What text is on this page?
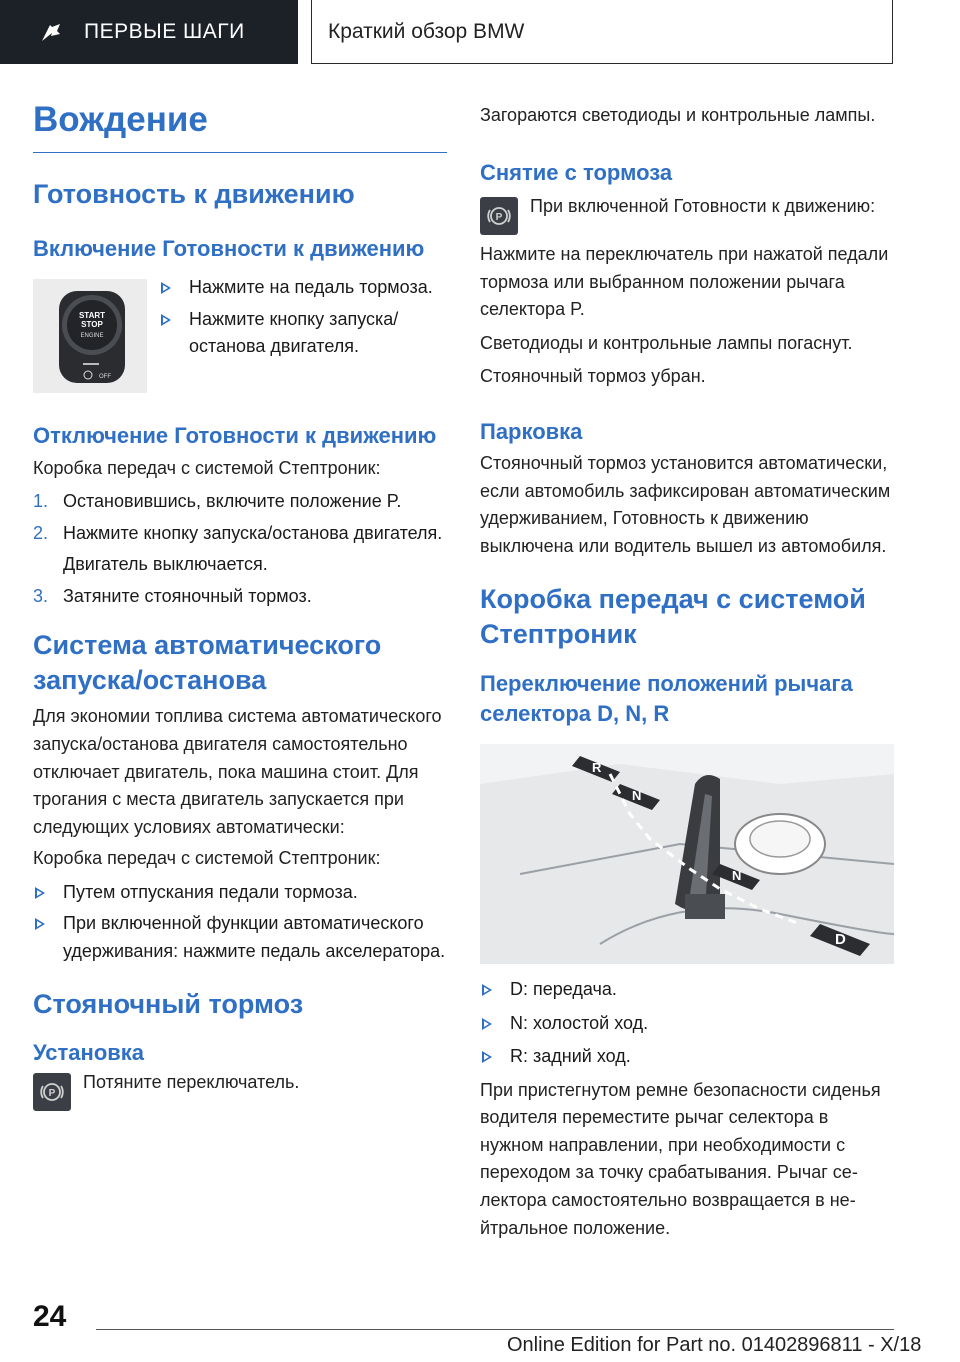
ПЕРВЫЕ ШАГИ	Краткий обзор BMW
Вождение
Готовность к движению
Включение Готовности к движению
START
STOP
ENGINE
OFF
Нажмите на педаль тормоза.
Нажмите кнопку запуска/останова двигателя.
Отключение Готовности к движению

Коробка передач с системой Стептроник:

1. Остановившись, включите положение P.
2. Нажмите кнопку запуска/останова двигателя.
Двигатель выключается.
3. Затяните стояночный тормоз.
Система автоматического запуска/останова

Для экономии топлива система автоматического запуска/останова двигателя самостоятельно отключает двигатель, пока машина стоит. Для трогания с места двигатель запускается при следующих условиях автоматически:

Коробка передач с системой Стептроник:

Путем отпускания педали тормоза.
При включенной функции автоматического удерживания: нажмите педаль акселератора.
Стояночный тормоз
Установка
P

Потяните переключатель.

Загораются светодиоды и контрольные лампы.

Снятие с тормоза
P

При включенной Готовности к движению:

Нажмите на переключатель при нажатой педали тормоза или выбранном положении рычага селектора P.

Светодиоды и контрольные лампы погаснут.

Стояночный тормоз убран.

Парковка

Стояночный тормоз установится автоматически, если автомобиль зафиксирован автоматическим удерживанием, Готовность к движению выключена или водитель вышел из автомобиля.

Коробка передач с системой Стептроник
Переключение положений рычага селектора D, N, R
R
N
N
D
D: передача.
N: холостой ход.
R: задний ход.

При пристегнутом ремне безопасности сиденья водителя переместите рычаг селектора в нужном направлении, при необходимости с переходом за точку срабатывания. Рычаг селектора самостоятельно возвращается в нейтральное положение.

24
Online Edition for Part no. 01402896811 - X/18
